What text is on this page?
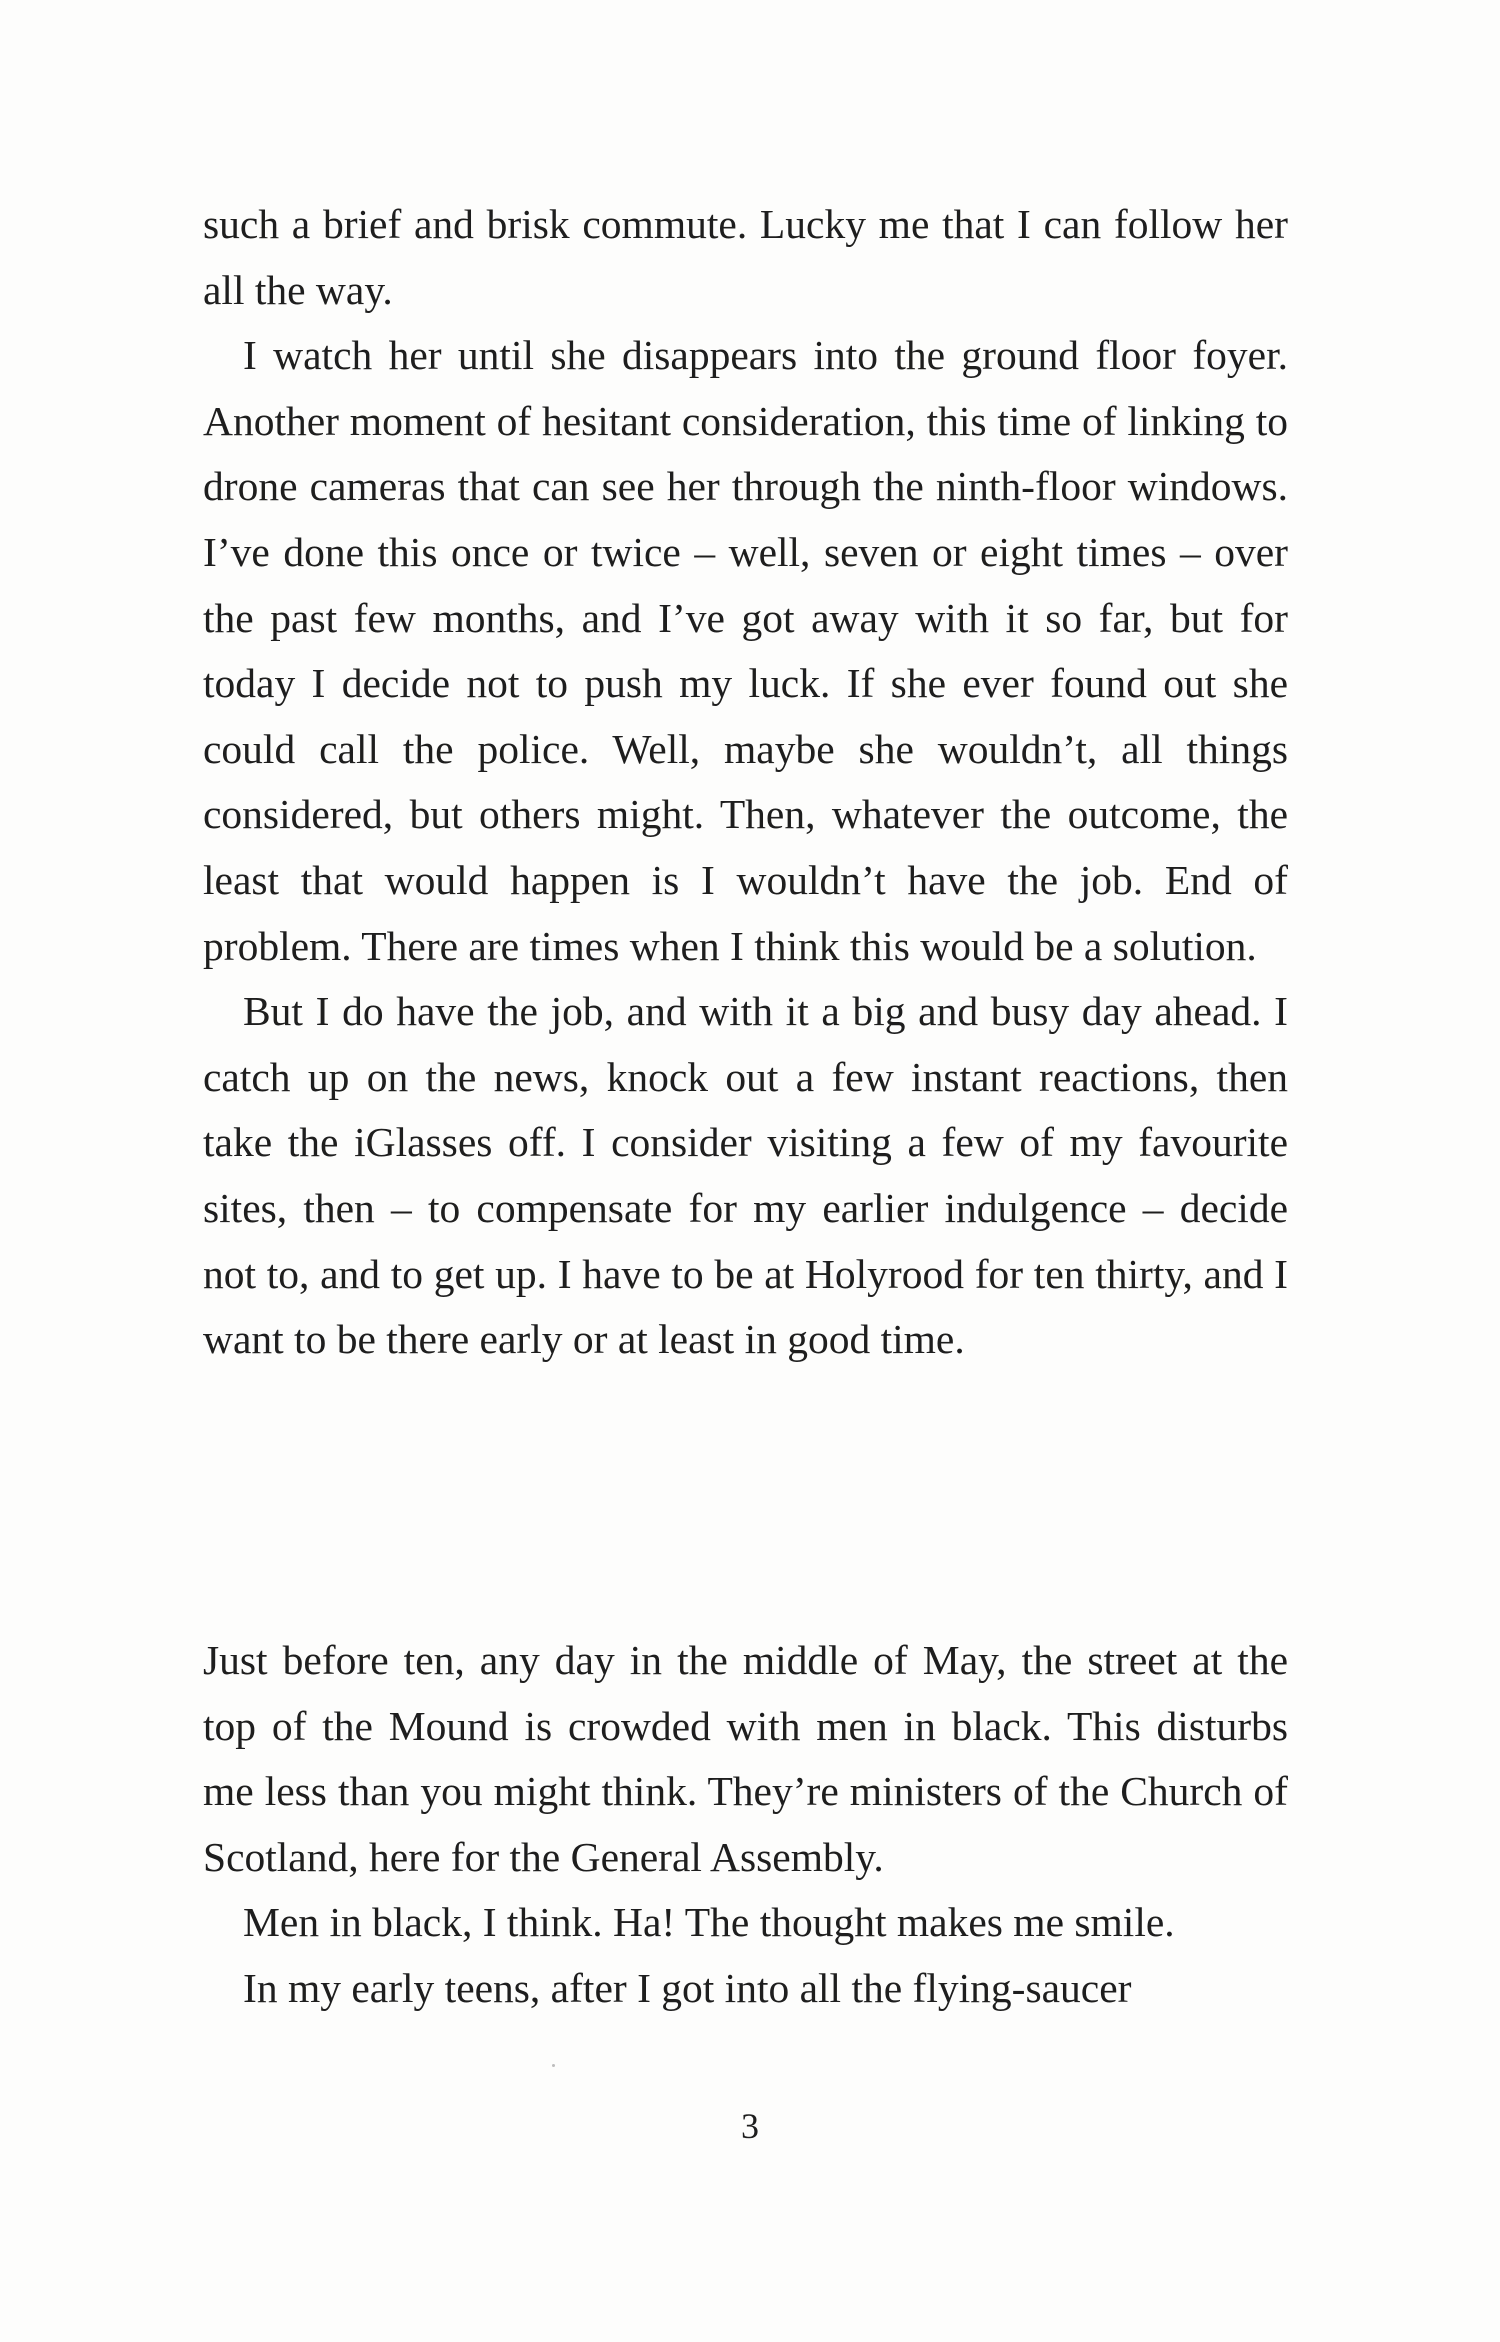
such a brief and brisk commute. Lucky me that I can follow her all the way.

I watch her until she disappears into the ground floor foyer. Another moment of hesitant consideration, this time of linking to drone cameras that can see her through the ninth-floor windows. I’ve done this once or twice – well, seven or eight times – over the past few months, and I’ve got away with it so far, but for today I decide not to push my luck. If she ever found out she could call the police. Well, maybe she wouldn’t, all things considered, but others might. Then, whatever the outcome, the least that would happen is I wouldn’t have the job. End of problem. There are times when I think this would be a solution.

But I do have the job, and with it a big and busy day ahead. I catch up on the news, knock out a few instant reactions, then take the iGlasses off. I consider visiting a few of my favourite sites, then – to compensate for my earlier indulgence – decide not to, and to get up. I have to be at Holyrood for ten thirty, and I want to be there early or at least in good time.

Just before ten, any day in the middle of May, the street at the top of the Mound is crowded with men in black. This disturbs me less than you might think. They’re ministers of the Church of Scotland, here for the General Assembly.

Men in black, I think. Ha! The thought makes me smile.

In my early teens, after I got into all the flying-saucer

3
